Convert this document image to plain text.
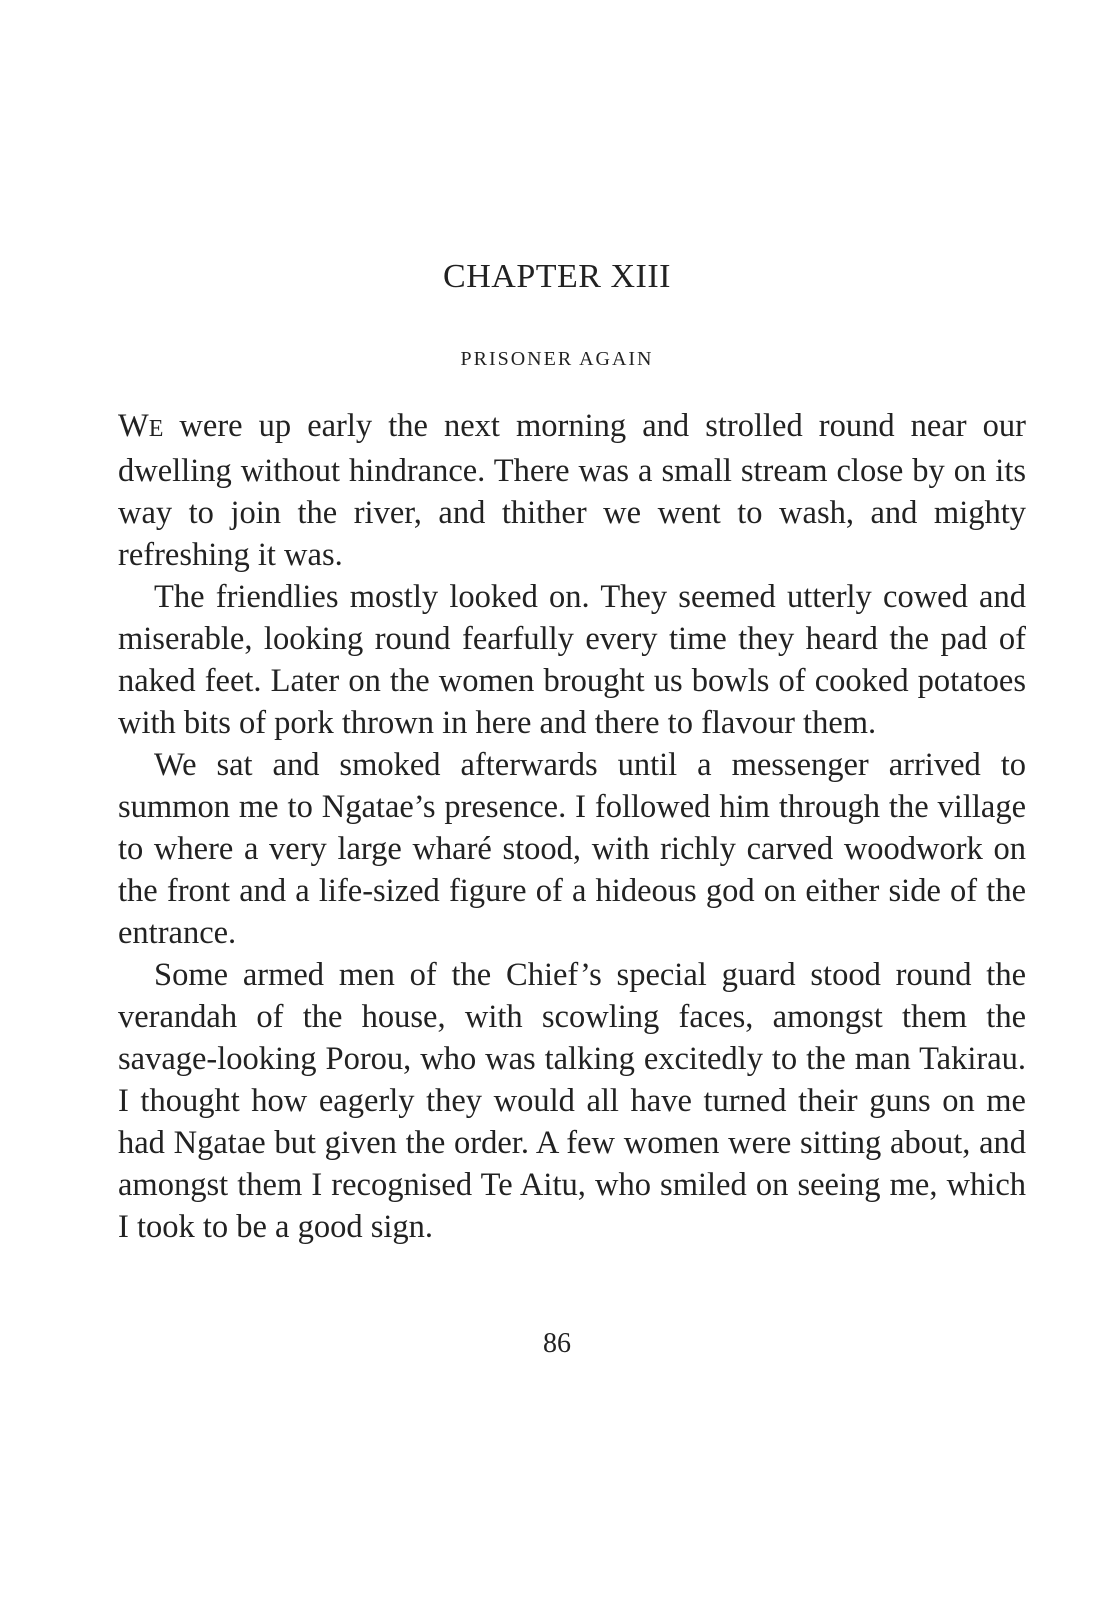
CHAPTER XIII
PRISONER AGAIN

WE were up early the next morning and strolled round near our dwelling without hindrance. There was a small stream close by on its way to join the river, and thither we went to wash, and mighty refreshing it was.

The friendlies mostly looked on. They seemed utterly cowed and miserable, looking round fearfully every time they heard the pad of naked feet. Later on the women brought us bowls of cooked potatoes with bits of pork thrown in here and there to flavour them.

We sat and smoked afterwards until a messenger arrived to summon me to Ngatae’s presence. I followed him through the village to where a very large wharé stood, with richly carved woodwork on the front and a life-sized figure of a hideous god on either side of the entrance.

Some armed men of the Chief’s special guard stood round the verandah of the house, with scowling faces, amongst them the savage-looking Porou, who was talking excitedly to the man Takirau. I thought how eagerly they would all have turned their guns on me had Ngatae but given the order. A few women were sitting about, and amongst them I recognised Te Aitu, who smiled on seeing me, which I took to be a good sign.

86
